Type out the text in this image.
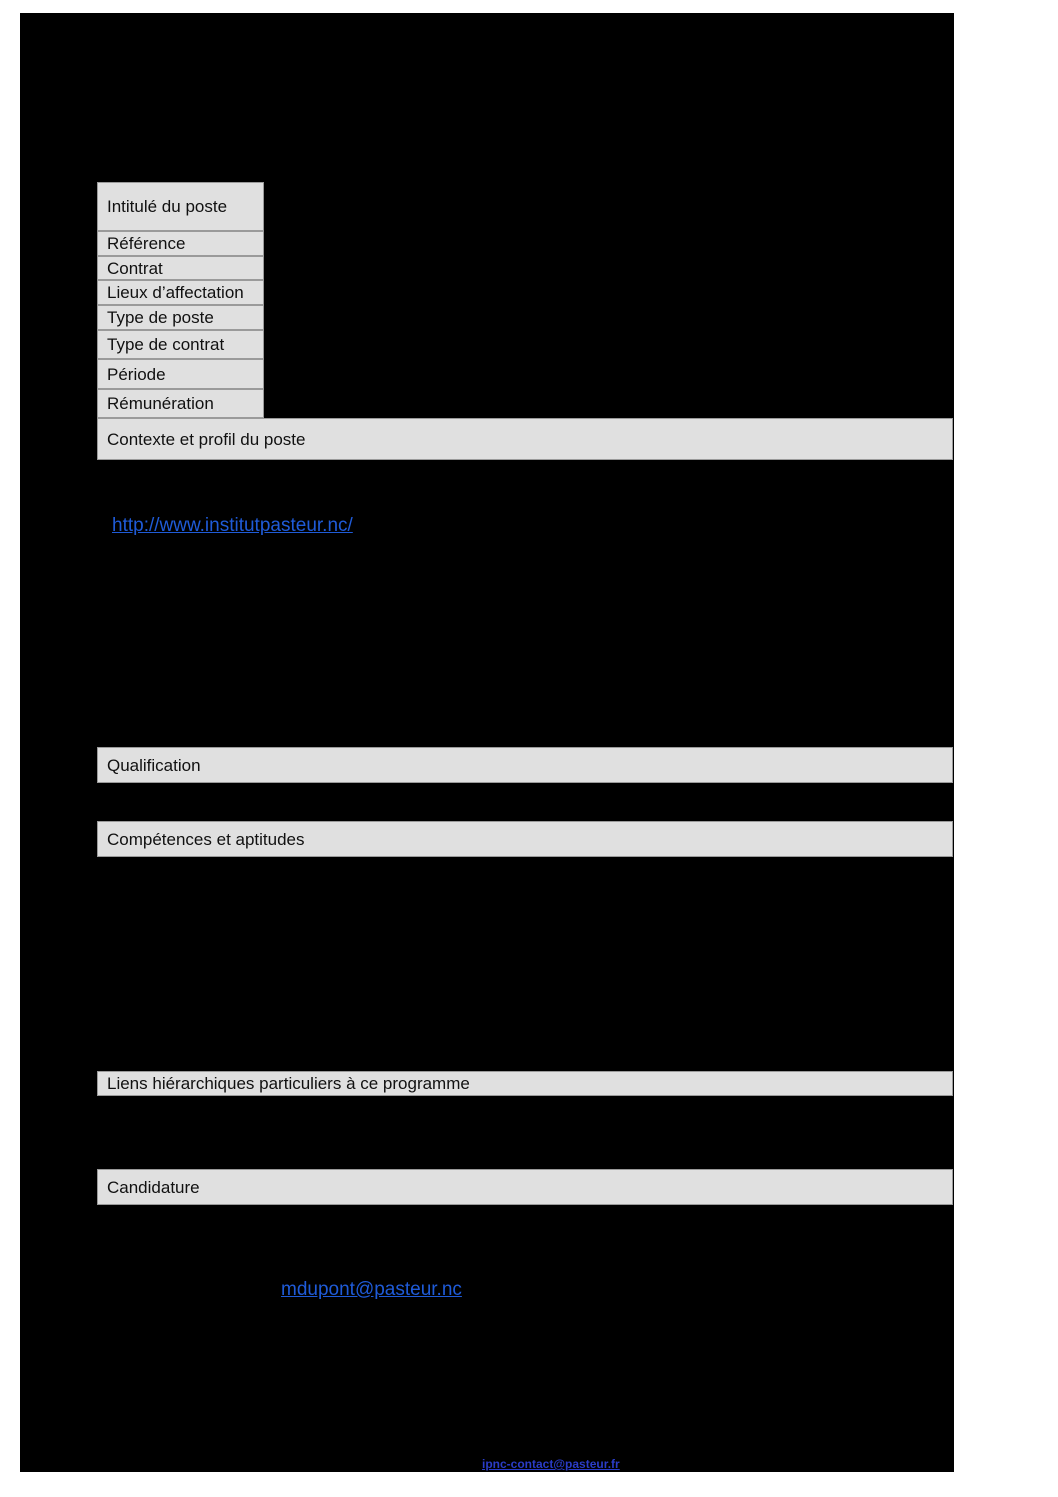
Intitulé du poste
Référence
Contrat
Lieux d’affectation
Type de poste
Type de contrat
Période
Rémunération
Contexte et profil du poste
http://www.institutpasteur.nc/
Qualification
Compétences et aptitudes
Liens hiérarchiques particuliers à ce programme
Candidature
mdupont@pasteur.nc
ipnc-contact@pasteur.fr
